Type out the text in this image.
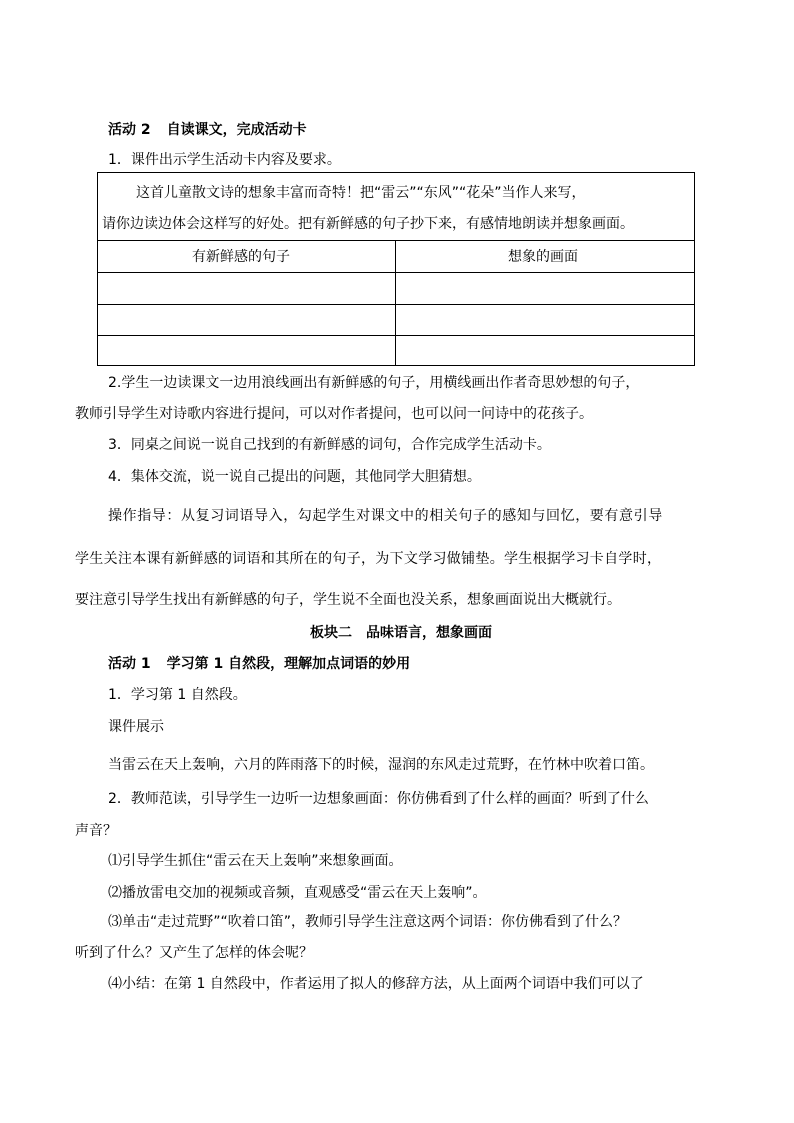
活动 2 自读课文，完成活动卡
1．课件出示学生活动卡内容及要求。
这首儿童散文诗的想象丰富而奇特！把“雷云”“东风”“花朵”当作人来写，
请你边读边体会这样写的好处。把有新鲜感的句子抄下来，有感情地朗读并想象画面。
有新鲜感的句子	想象的画面
2.学生一边读课文一边用浪线画出有新鲜感的句子，用横线画出作者奇思妙想的句子，
教师引导学生对诗歌内容进行提问，可以对作者提问，也可以问一问诗中的花孩子。
3．同桌之间说一说自己找到的有新鲜感的词句，合作完成学生活动卡。
4．集体交流，说一说自己提出的问题，其他同学大胆猜想。
操作指导：从复习词语导入，勾起学生对课文中的相关句子的感知与回忆，要有意引导
学生关注本课有新鲜感的词语和其所在的句子，为下文学习做铺垫。学生根据学习卡自学时，
要注意引导学生找出有新鲜感的句子，学生说不全面也没关系，想象画面说出大概就行。
板块二　品味语言，想象画面
活动 1 学习第 1 自然段，理解加点词语的妙用
1．学习第 1 自然段。
课件展示
当雷云在天上轰响，六月的阵雨落下的时候，湿润的东风走过荒野，在竹林中吹着口笛。
2．教师范读，引导学生一边听一边想象画面：你仿佛看到了什么样的画面？听到了什么
声音？
⑴引导学生抓住“雷云在天上轰响”来想象画面。
⑵播放雷电交加的视频或音频，直观感受“雷云在天上轰响”。
⑶单击“走过荒野”“吹着口笛”，教师引导学生注意这两个词语：你仿佛看到了什么？
听到了什么？又产生了怎样的体会呢？
⑷小结：在第 1 自然段中，作者运用了拟人的修辞方法，从上面两个词语中我们可以了
